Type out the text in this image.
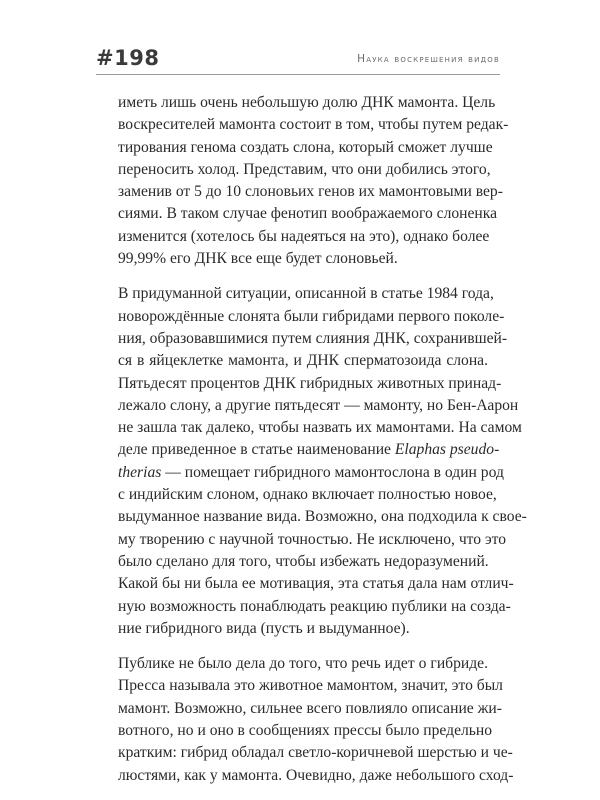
#198	Наука воскрешения видов
иметь лишь очень небольшую долю ДНК мамонта. Цель
воскресителей мамонта состоит в том, чтобы путем редак-
тирования генома создать слона, который сможет лучше
переносить холод. Представим, что они добились этого,
заменив от 5 до 10 слоновьих генов их мамонтовыми вер-
сиями. В таком случае фенотип воображаемого слоненка
изменится (хотелось бы надеяться на это), однако более
99,99% его ДНК все еще будет слоновьей.
В придуманной ситуации, описанной в статье 1984 года,
новорождённые слонята были гибридами первого поколе-
ния, образовавшимися путем слияния ДНК, сохранившей-
ся в яйцеклетке мамонта, и ДНК сперматозоида слона.
Пятьдесят процентов ДНК гибридных животных принад-
лежало слону, а другие пятьдесят — мамонту, но Бен-Аарон
не зашла так далеко, чтобы назвать их мамонтами. На самом
деле приведенное в статье наименование Elaphas pseudo-
therias — помещает гибридного мамонтослона в один род
с индийским слоном, однако включает полностью новое,
выдуманное название вида. Возможно, она подходила к свое-
му творению с научной точностью. Не исключено, что это
было сделано для того, чтобы избежать недоразумений.
Какой бы ни была ее мотивация, эта статья дала нам отлич-
ную возможность понаблюдать реакцию публики на созда-
ние гибридного вида (пусть и выдуманное).
Публике не было дела до того, что речь идет о гибриде.
Пресса называла это животное мамонтом, значит, это был
мамонт. Возможно, сильнее всего повлияло описание жи-
вотного, но и оно в сообщениях прессы было предельно
кратким: гибрид обладал светло-коричневой шерстью и че-
люстями, как у мамонта. Очевидно, даже небольшого сход-
